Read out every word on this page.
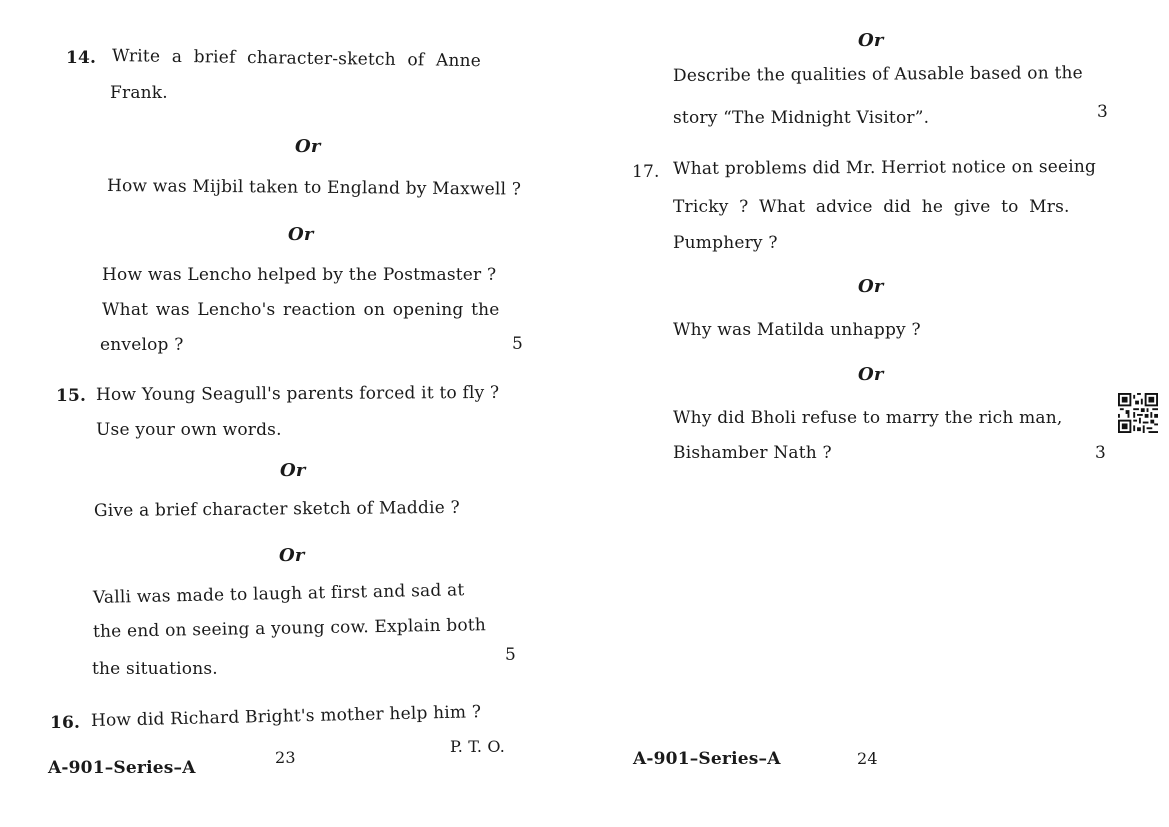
14. Write a brief character-sketch of Anne
Frank.
Or
How was Mijbil taken to England by Maxwell ?
Or
How was Lencho helped by the Postmaster ?
What was Lencho's reaction on opening the
envelop ?	5
15. How Young Seagull's parents forced it to fly ?
Use your own words.
Or
Give a brief character sketch of Maddie ?
Or
Valli was made to laugh at first and sad at
the end on seeing a young cow. Explain both
the situations.
5
16. How did Richard Bright's mother help him ?
A-901–Series–A
23
P. T. O.
Or
Describe the qualities of Ausable based on the
story “The Midnight Visitor”.	3
17. What problems did Mr. Herriot notice on seeing
Tricky ? What advice did he give to Mrs.
Pumphery ?
Or
Why was Matilda unhappy ?
Or
Why did Bholi refuse to marry the rich man,
Bishamber Nath ?	3
A-901–Series–A	24
